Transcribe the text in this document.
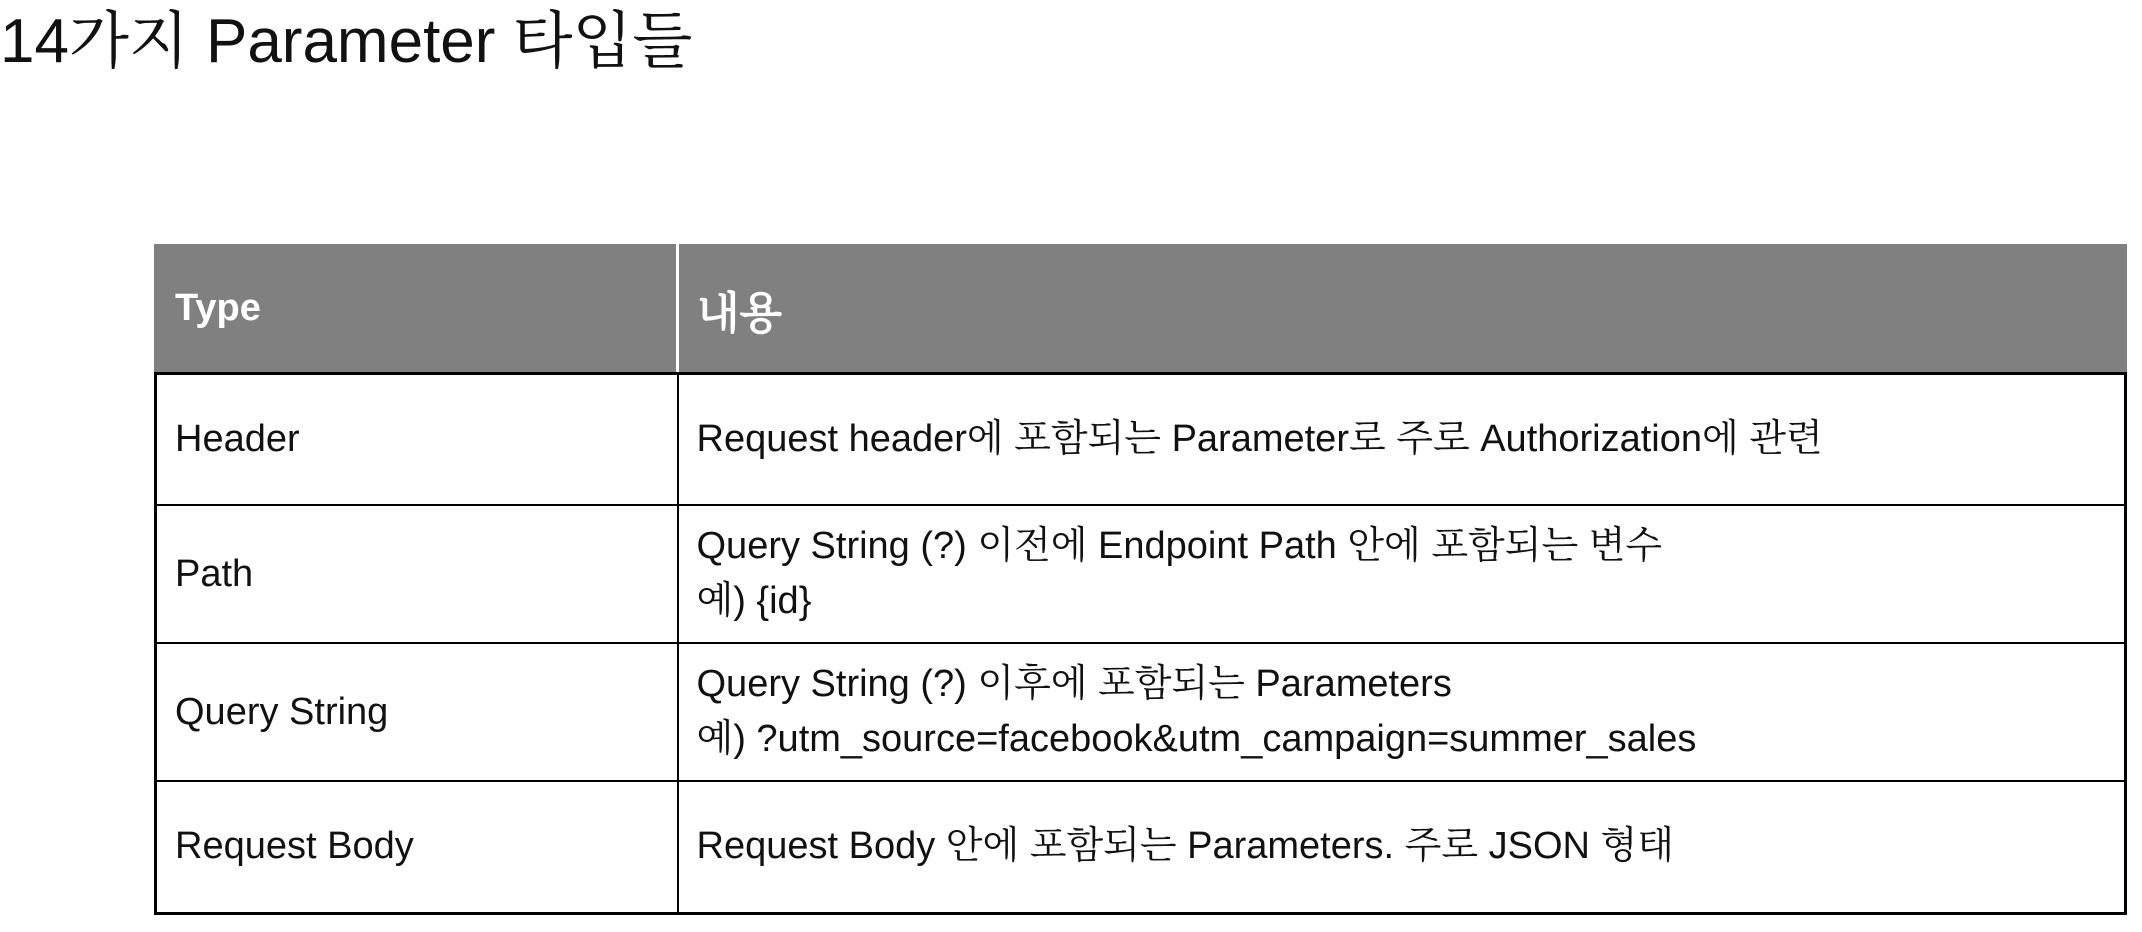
14가지 Parameter 타입들
Type	내용
Header	Request header에 포함되는 Parameter로 주로 Authorization에 관련

Path	Query String (?) 이전에 Endpoint Path 안에 포함되는 변수
예) {id}

Query String	Query String (?) 이후에 포함되는 Parameters
예) ?utm_source=facebook&utm_campaign=summer_sales

Request Body	Request Body 안에 포함되는 Parameters. 주로 JSON 형태
